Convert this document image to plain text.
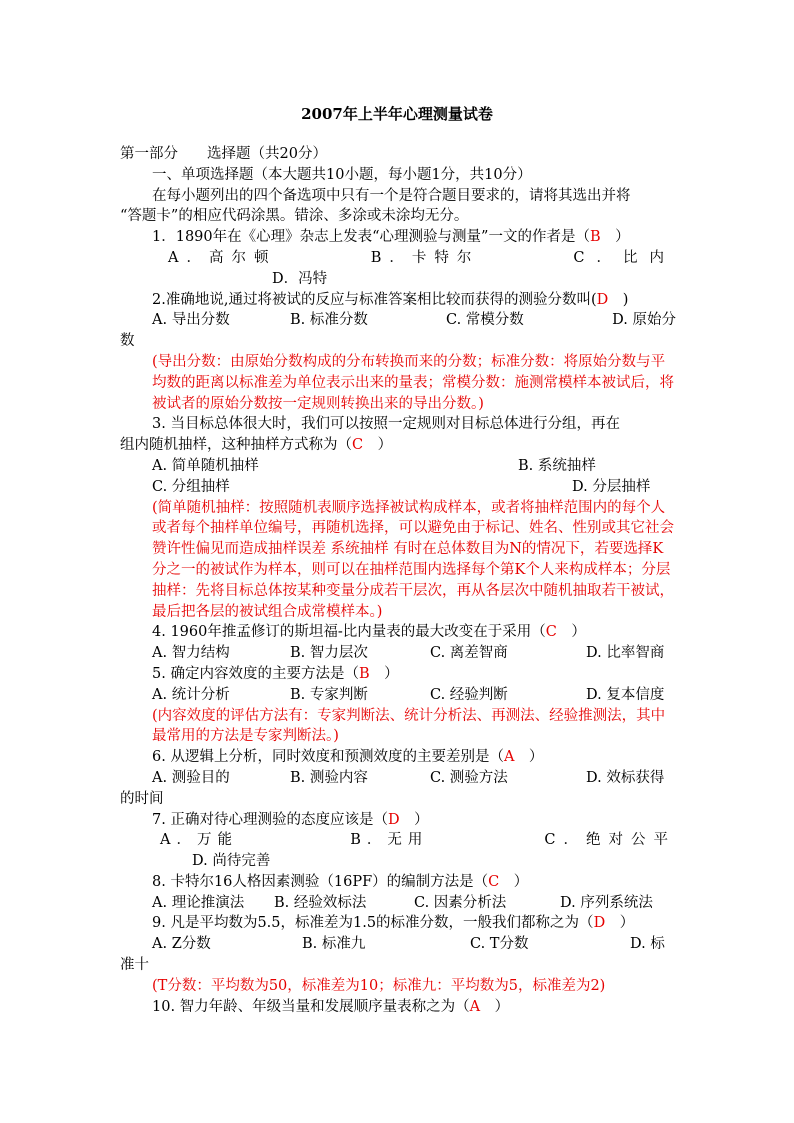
2007年上半年心理测量试卷

第一部分　　选择题（共20分）

一、单项选择题（本大题共10小题，每小题1分，共10分）

在每小题列出的四个备选项中只有一个是符合题目要求的，请将其选出并将

“答题卡”的相应代码涂黑。错涂、多涂或未涂均无分。

1．1890年在《心理》杂志上发表“心理测验与测量”一文的作者是（B　）

A．高尔顿	B．卡特尔	C．比内

D．冯特

2.准确地说,通过将被试的反应与标准答案相比较而获得的测验分数叫(D　)

A. 导出分数	B. 标准分数	C. 常模分数	D. 原始分

数

(导出分数：由原始分数构成的分布转换而来的分数；标准分数：将原始分数与平均数的距离以标准差为单位表示出来的量表；常模分数：施测常模样本被试后，将被试者的原始分数按一定规则转换出来的导出分数。)

3. 当目标总体很大时，我们可以按照一定规则对目标总体进行分组，再在

组内随机抽样，这种抽样方式称为（C　）

A. 简单随机抽样	B. 系统抽样

C. 分组抽样	D. 分层抽样

(简单随机抽样：按照随机表顺序选择被试构成样本，或者将抽样范围内的每个人或者每个抽样单位编号，再随机选择，可以避免由于标记、姓名、性别或其它社会赞许性偏见而造成抽样误差 系统抽样 有时在总体数目为N的情况下，若要选择K分之一的被试作为样本，则可以在抽样范围内选择每个第K个人来构成样本；分层抽样：先将目标总体按某种变量分成若干层次，再从各层次中随机抽取若干被试，最后把各层的被试组合成常模样本。)

4. 1960年推孟修订的斯坦福-比内量表的最大改变在于采用（C　）

A. 智力结构	B. 智力层次	C. 离差智商	D. 比率智商

5. 确定内容效度的主要方法是（B　）

A. 统计分析	B. 专家判断	C. 经验判断	D. 复本信度

(内容效度的评估方法有：专家判断法、统计分析法、再测法、经验推测法，其中最常用的方法是专家判断法。)

6. 从逻辑上分析，同时效度和预测效度的主要差别是（A　）

A. 测验目的	B. 测验内容	C. 测验方法	D. 效标获得

的时间

7. 正确对待心理测验的态度应该是（D　）

A．万能	B．无用	C．绝对公平

D. 尚待完善

8. 卡特尔16人格因素测验（16PF）的编制方法是（C　）

A. 理论推演法	B. 经验效标法	C. 因素分析法	D. 序列系统法

9. 凡是平均数为5.5，标准差为1.5的标准分数，一般我们都称之为（D　）

A. Z分数	B. 标准九	C. T分数	D. 标

准十

(T分数：平均数为50，标准差为10；标准九：平均数为5，标准差为2)

10. 智力年龄、年级当量和发展顺序量表称之为（A　）
